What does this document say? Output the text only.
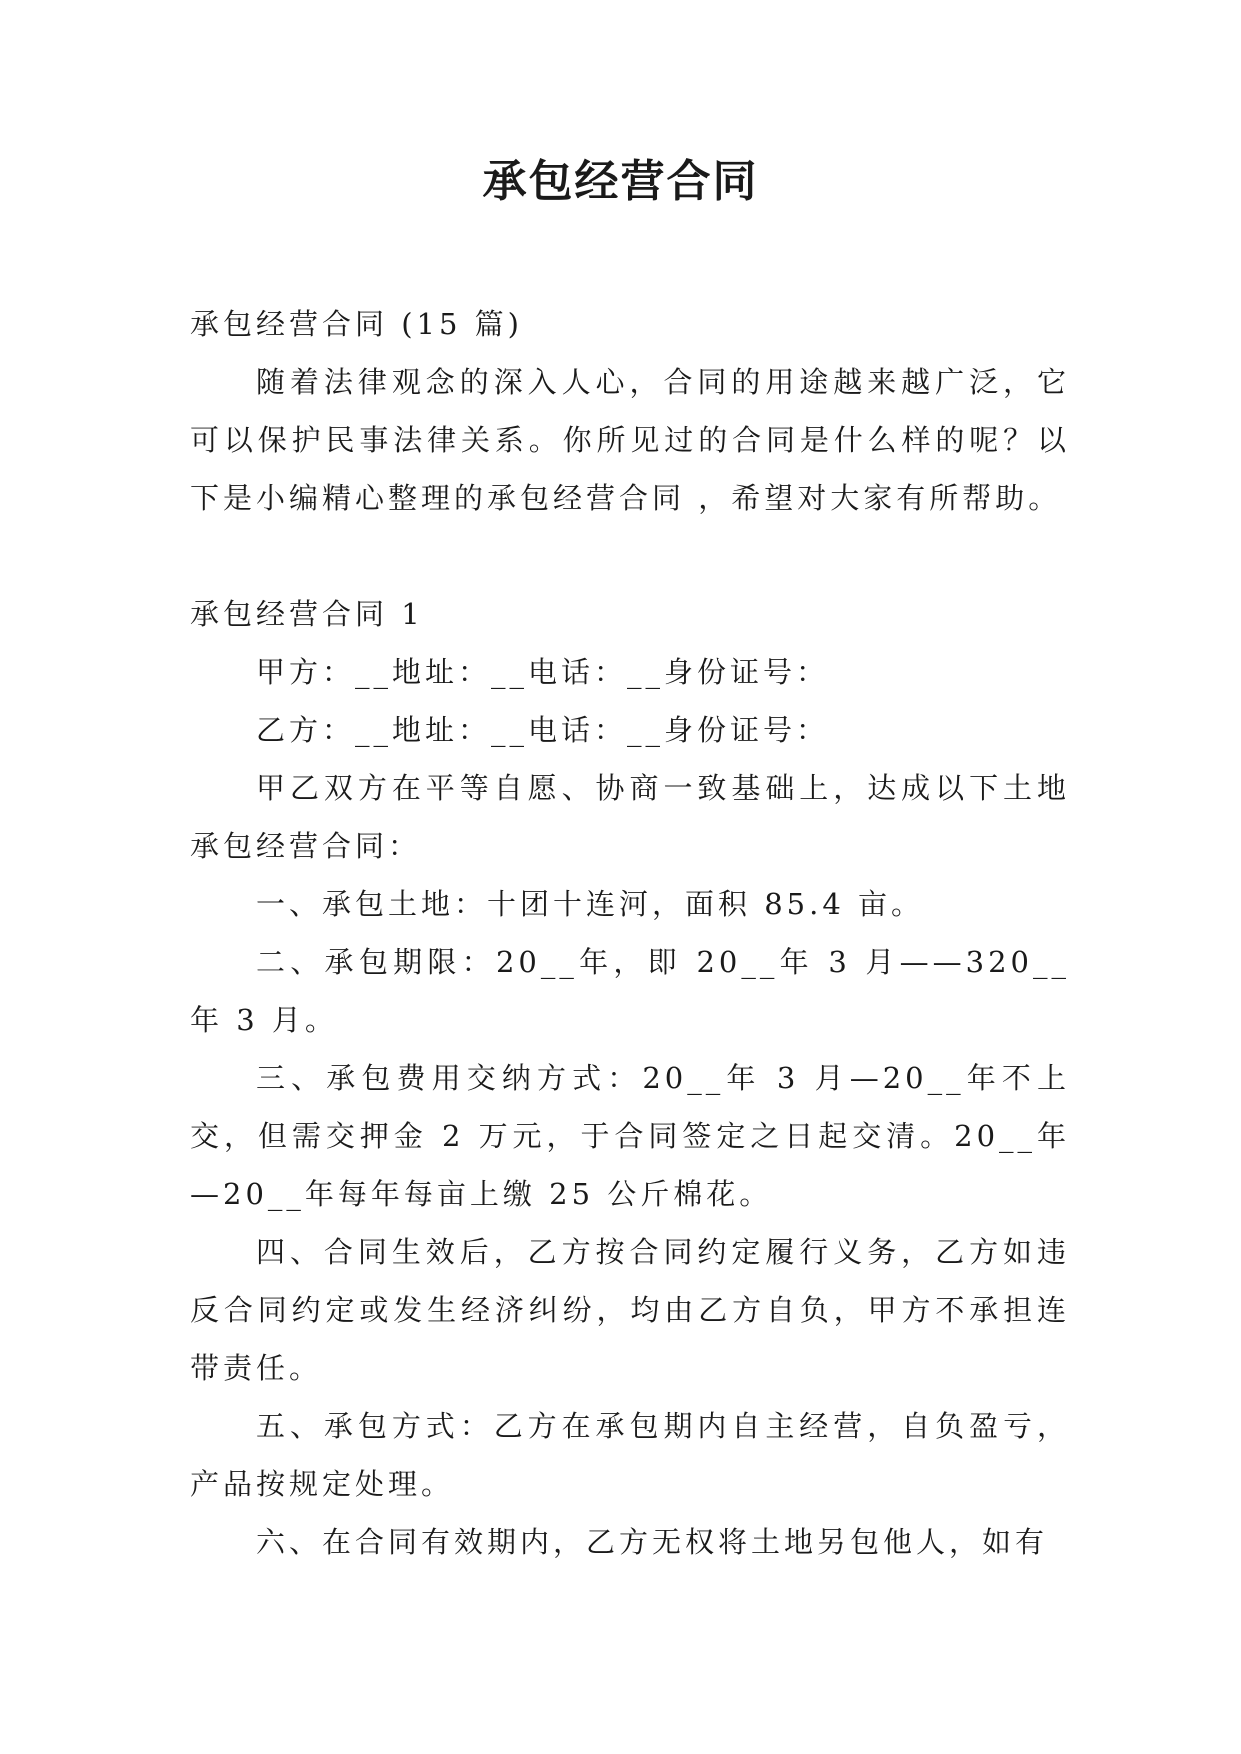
承包经营合同

承包经营合同 (15 篇)

随着法律观念的深入人心，合同的用途越来越广泛，它可以保护民事法律关系。你所见过的合同是什么样的呢？以下是小编精心整理的承包经营合同 ，希望对大家有所帮助。

承包经营合同 1

甲方：__地址：__电话：__身份证号：

乙方：__地址：__电话：__身份证号：

甲乙双方在平等自愿、协商一致基础上，达成以下土地承包经营合同：

一、承包土地：十团十连河，面积 85.4 亩。

二、承包期限：20__年，即 20__年 3 月——320__年 3 月。

三、承包费用交纳方式：20__年 3 月—20__年不上交，但需交押金 2 万元，于合同签定之日起交清。20__年—20__年每年每亩上缴 25 公斤棉花。

四、合同生效后，乙方按合同约定履行义务，乙方如违反合同约定或发生经济纠纷，均由乙方自负，甲方不承担连带责任。

五、承包方式：乙方在承包期内自主经营，自负盈亏，产品按规定处理。

六、在合同有效期内，乙方无权将土地另包他人，如有
